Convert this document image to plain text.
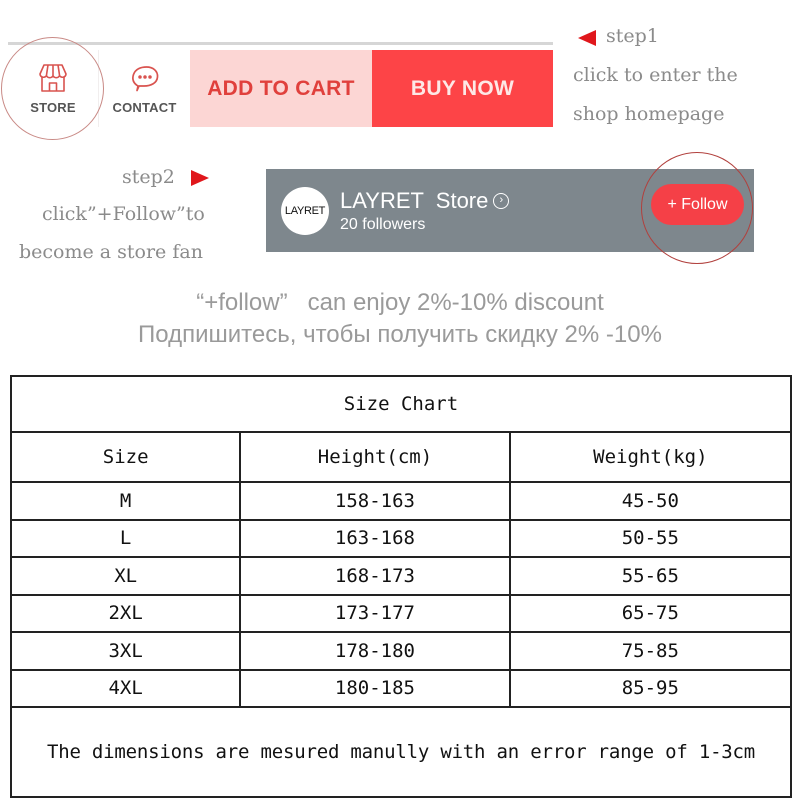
STORE	CONTACT
ADD TO CART	BUY NOW
step1
click to enter the
shop homepage
step2
click”+Follow”to
become a store fan
LAYRET LAYRET  Store	›
20 followers
+ Follow
“+follow”   can enjoy 2%-10% discount
Подпишитесь, чтобы получить скидку 2% -10%
Size Chart		
Size	Height(cm)	Weight(kg)
M	158-163	45-50
L	163-168	50-55
XL	168-173	55-65
2XL	173-177	65-75
3XL	178-180	75-85
4XL	180-185	85-95
The dimensions are mesured manully with an error range of 1-3cm		
